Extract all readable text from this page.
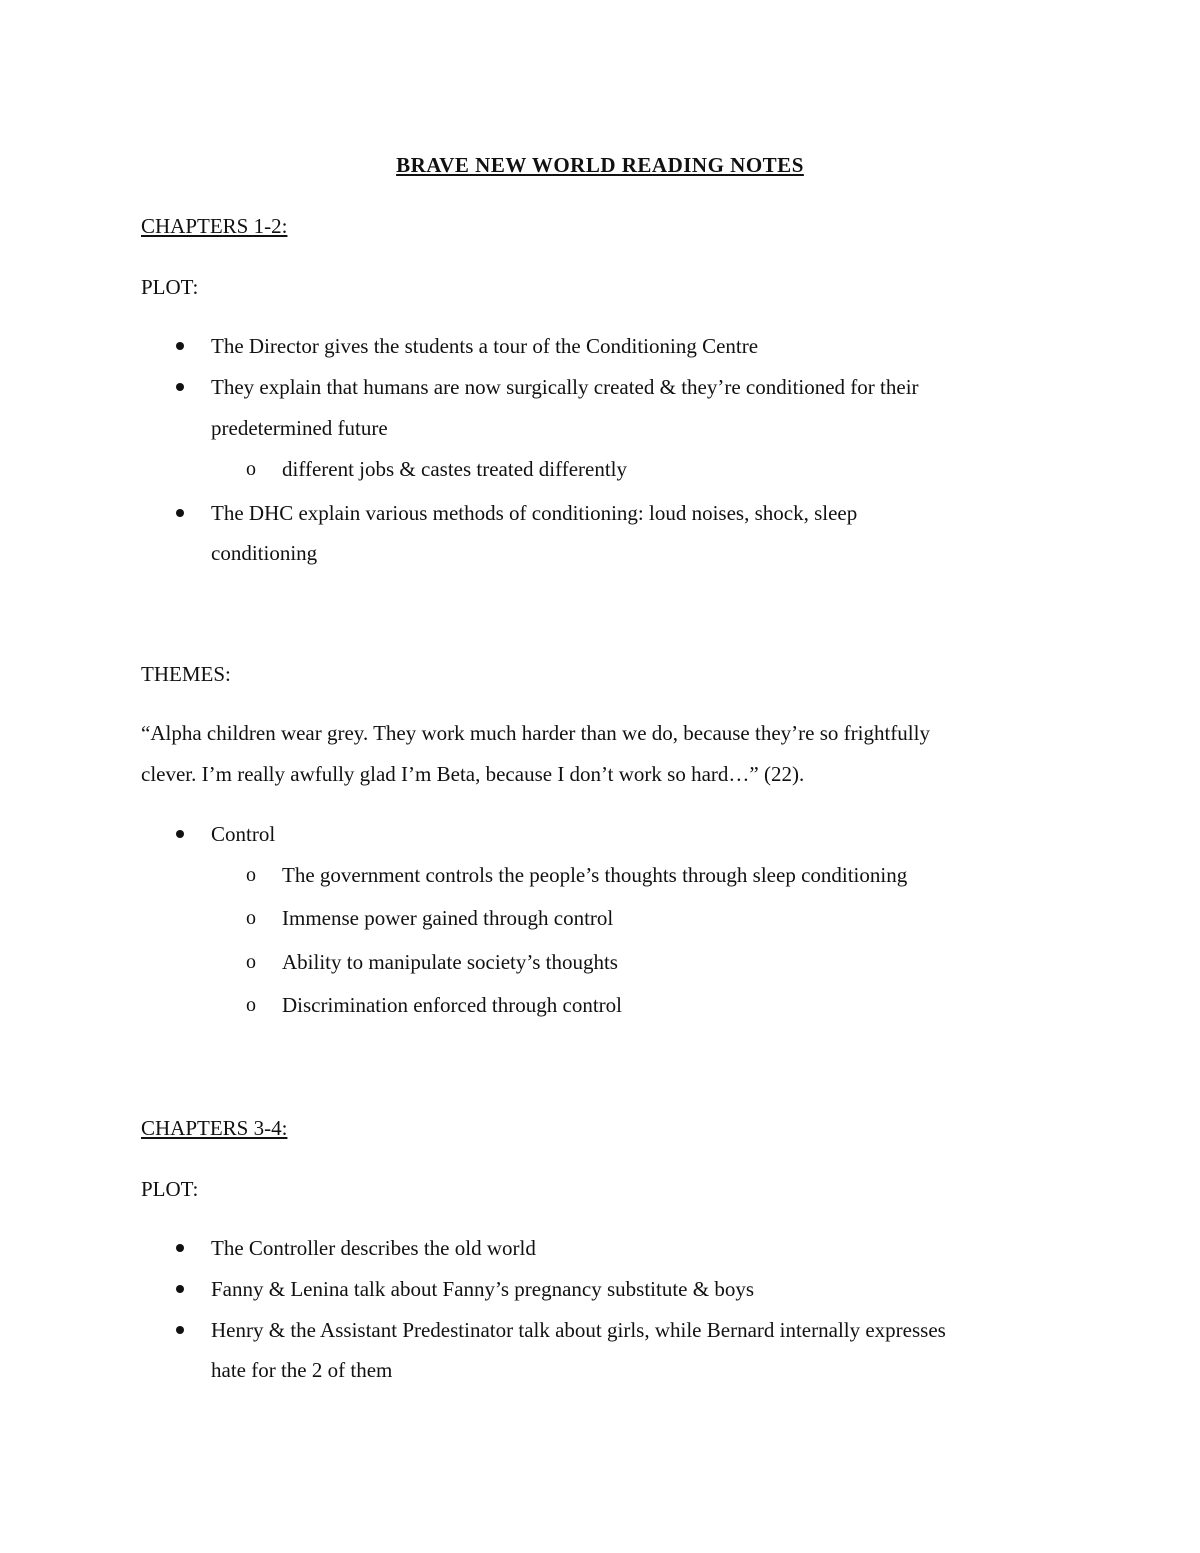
BRAVE NEW WORLD READING NOTES
CHAPTERS 1-2:
PLOT:
The Director gives the students a tour of the Conditioning Centre
They explain that humans are now surgically created & they’re conditioned for their
predetermined future
o different jobs & castes treated differently
The DHC explain various methods of conditioning: loud noises, shock, sleep
conditioning
THEMES:
“Alpha children wear grey. They work much harder than we do, because they’re so frightfully
clever. I’m really awfully glad I’m Beta, because I don’t work so hard…” (22).
Control
o The government controls the people’s thoughts through sleep conditioning
o Immense power gained through control
o Ability to manipulate society’s thoughts
o Discrimination enforced through control
CHAPTERS 3-4:
PLOT:
The Controller describes the old world
Fanny & Lenina talk about Fanny’s pregnancy substitute & boys
Henry & the Assistant Predestinator talk about girls, while Bernard internally expresses
hate for the 2 of them
